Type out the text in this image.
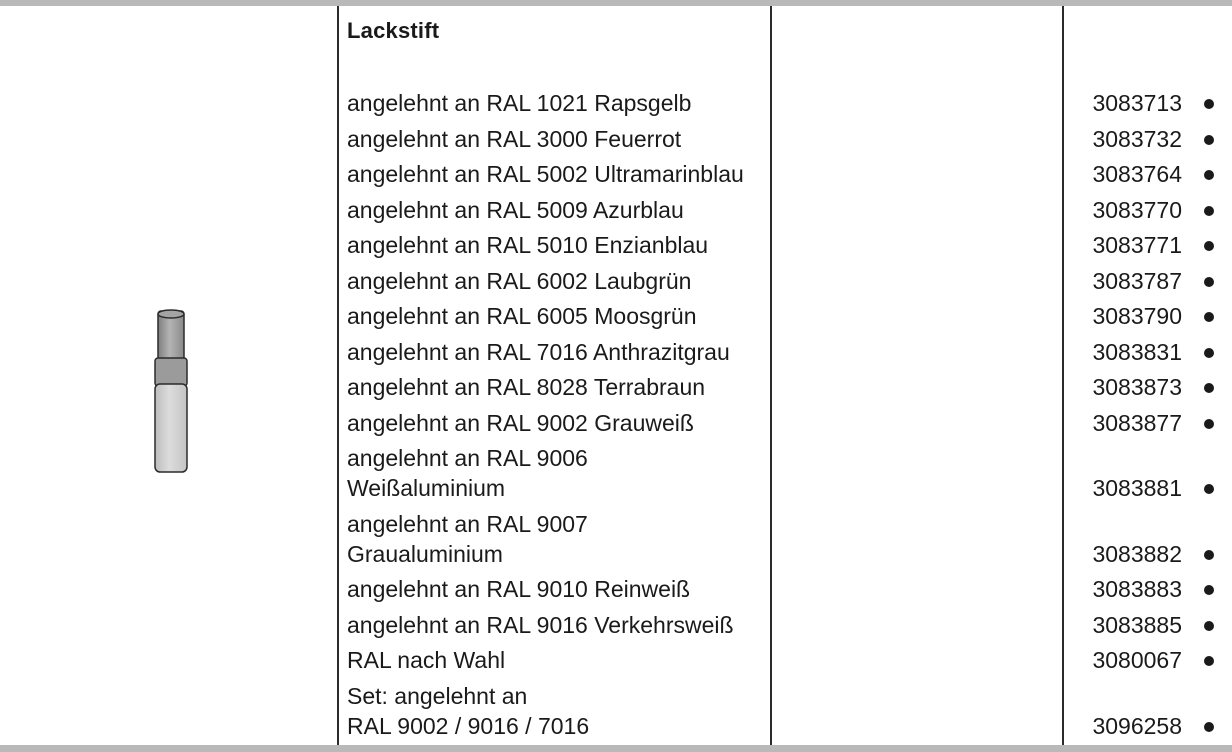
Lackstift
angelehnt an RAL 1021 Rapsgelb	3083713
angelehnt an RAL 3000 Feuerrot	3083732
angelehnt an RAL 5002 Ultramarinblau	3083764
angelehnt an RAL 5009 Azurblau	3083770
angelehnt an RAL 5010 Enzianblau	3083771
angelehnt an RAL 6002 Laubgrün	3083787
angelehnt an RAL 6005 Moosgrün	3083790
angelehnt an RAL 7016 Anthrazitgrau	3083831
angelehnt an RAL 8028 Terrabraun	3083873
angelehnt an RAL 9002 Grauweiß	3083877
angelehnt an RAL 9006
Weißaluminium	3083881
angelehnt an RAL 9007
Graualuminium	3083882
angelehnt an RAL 9010 Reinweiß	3083883
angelehnt an RAL 9016 Verkehrsweiß	3083885
RAL nach Wahl	3080067
Set: angelehnt an
RAL 9002 / 9016 / 7016	3096258
